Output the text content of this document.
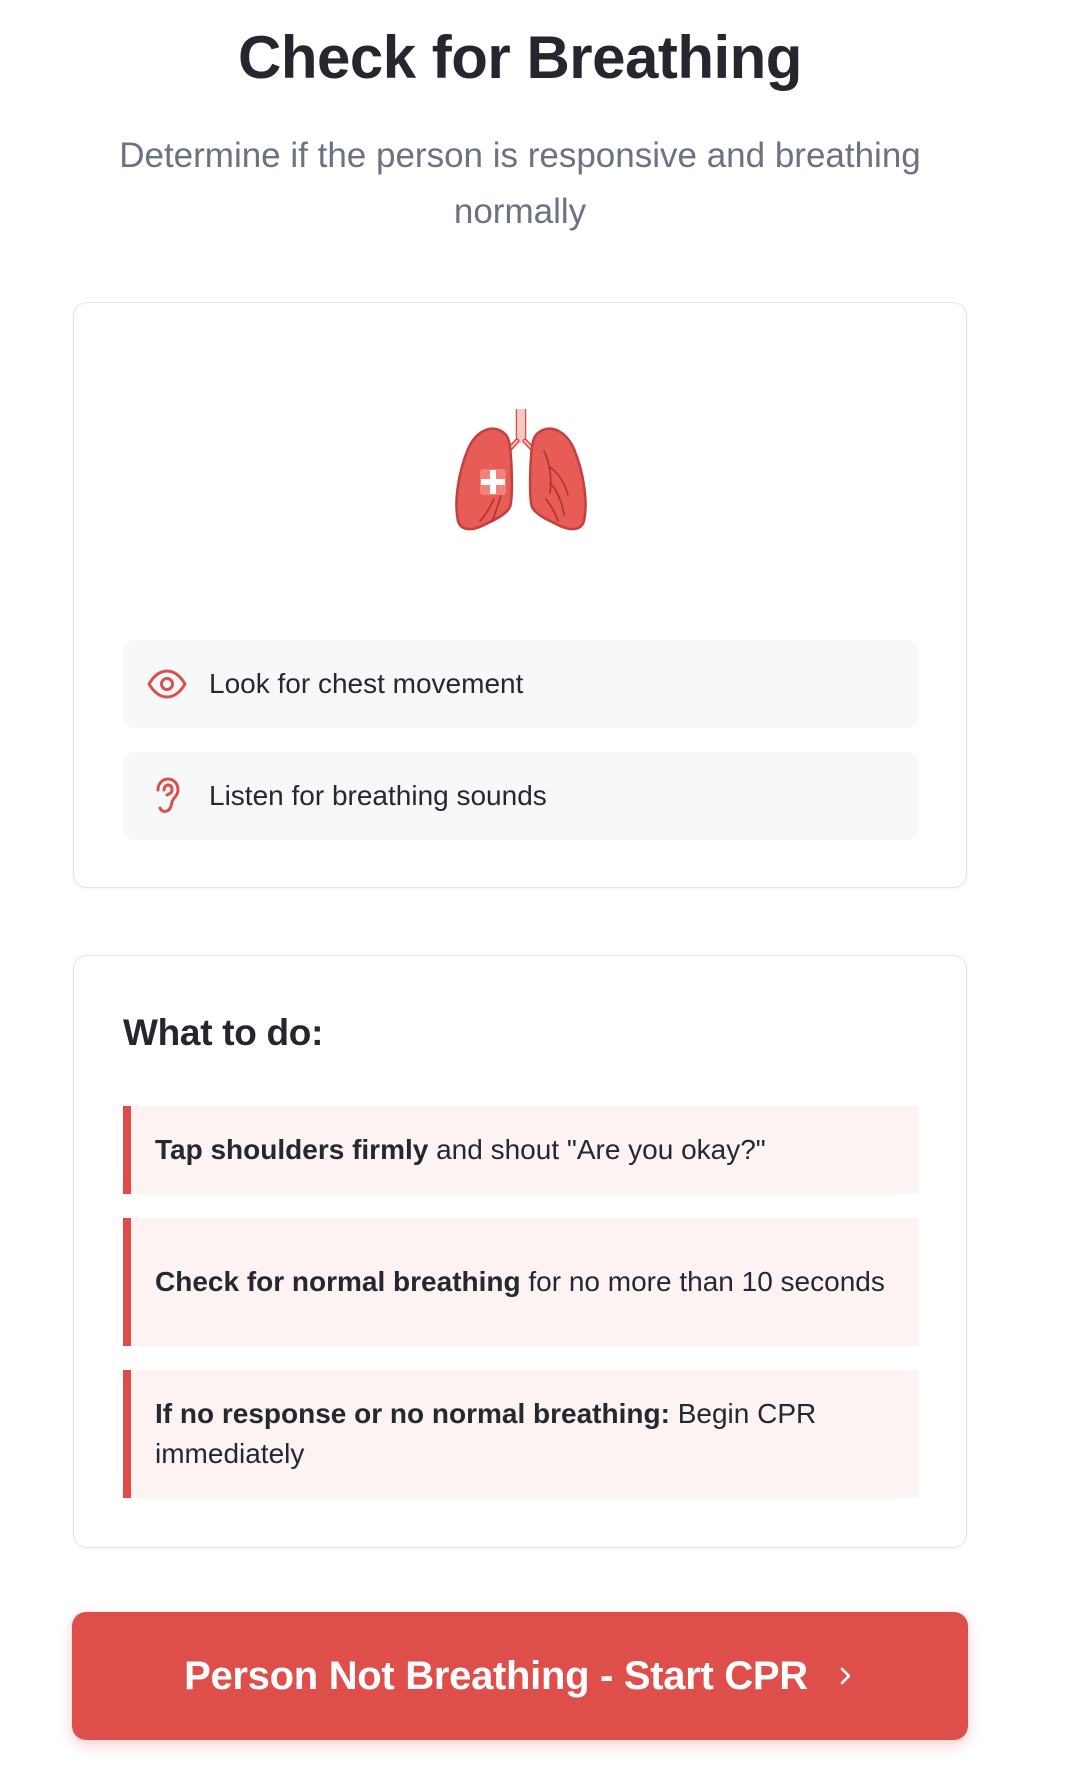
Check for Breathing

Determine if the person is responsive and breathing normally

Look for chest movement
Listen for breathing sounds
What to do:
Tap shoulders firmly and shout "Are you okay?"
Check for normal breathing for no more than 10 seconds
If no response or no normal breathing: Begin CPR immediately
Person Not Breathing - Start CPR
